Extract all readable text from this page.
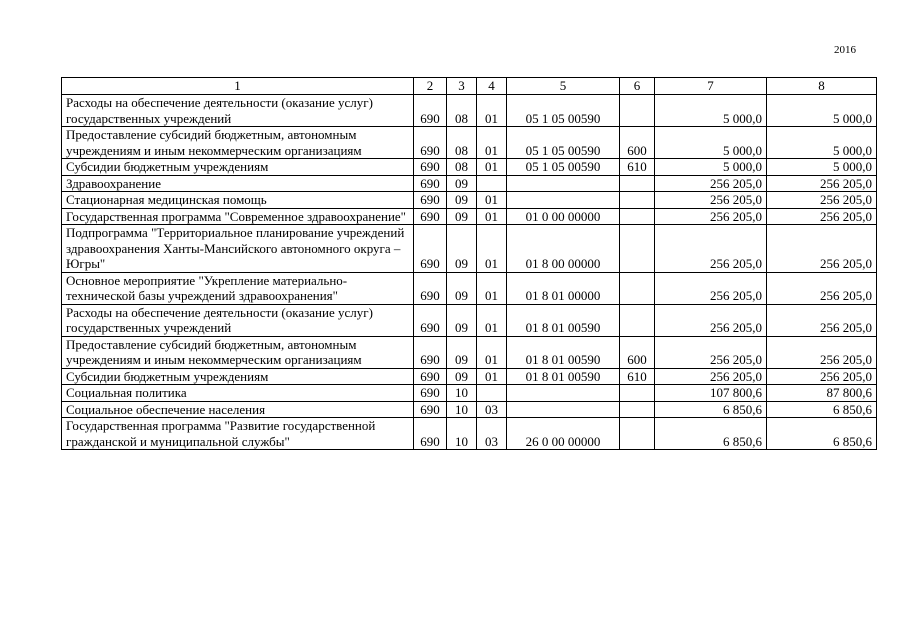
2016
1	2	3	4	5	6	7	8
Расходы на обеспечение деятельности (оказание услуг) государственных учреждений	690	08	01	05 1 05 00590		5 000,0	5 000,0
Предоставление субсидий бюджетным, автономным учреждениям и иным некоммерческим организациям	690	08	01	05 1 05 00590	600	5 000,0	5 000,0
Субсидии бюджетным учреждениям	690	08	01	05 1 05 00590	610	5 000,0	5 000,0
Здравоохранение	690	09				256 205,0	256 205,0
Стационарная медицинская помощь	690	09	01			256 205,0	256 205,0
Государственная программа "Современное здравоохранение"	690	09	01	01 0 00 00000		256 205,0	256 205,0
Подпрограмма "Территориальное планирование учреждений здравоохранения Ханты-Мансийского автономного округа – Югры"	690	09	01	01 8 00 00000		256 205,0	256 205,0
Основное мероприятие "Укрепление материально-технической базы учреждений здравоохранения"	690	09	01	01 8 01 00000		256 205,0	256 205,0
Расходы на обеспечение деятельности (оказание услуг) государственных учреждений	690	09	01	01 8 01 00590		256 205,0	256 205,0
Предоставление субсидий бюджетным, автономным учреждениям и иным некоммерческим организациям	690	09	01	01 8 01 00590	600	256 205,0	256 205,0
Субсидии бюджетным учреждениям	690	09	01	01 8 01 00590	610	256 205,0	256 205,0
Социальная политика	690	10				107 800,6	87 800,6
Социальное обеспечение населения	690	10	03			6 850,6	6 850,6
Государственная программа "Развитие государственной гражданской и муниципальной службы"	690	10	03	26 0 00 00000		6 850,6	6 850,6
